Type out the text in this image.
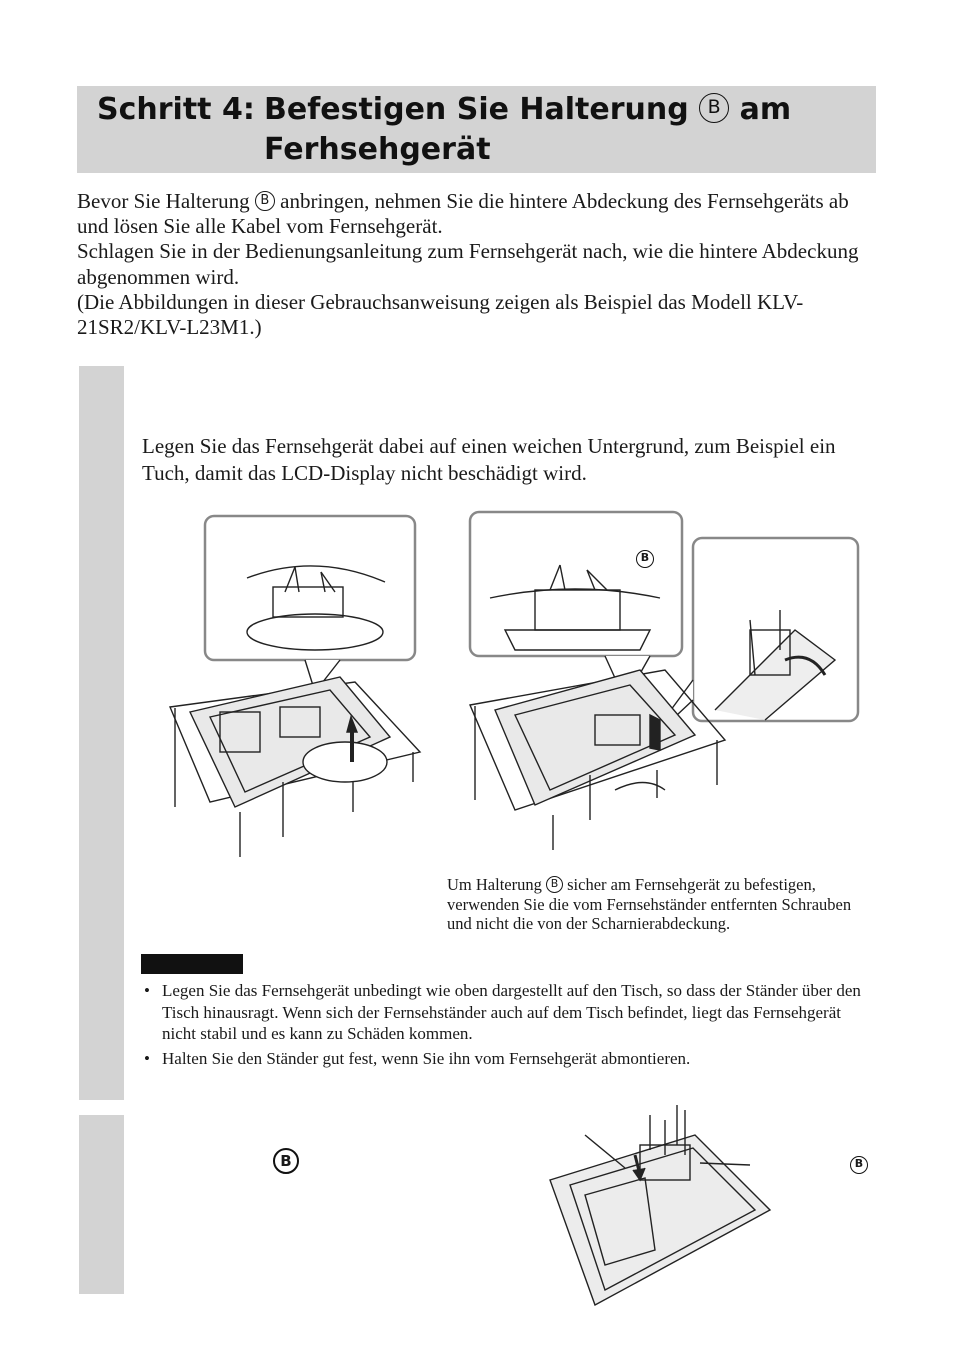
Schritt 4: Befestigen Sie Halterung B am Ferhsehgerät

Bevor Sie Halterung B anbringen, nehmen Sie die hintere Abdeckung des Fernsehgeräts ab und lösen Sie alle Kabel vom Fernsehgerät.

Schlagen Sie in der Bedienungsanleitung zum Fernsehgerät nach, wie die hintere Abdeckung abgenommen wird.

(Die Abbildungen in dieser Gebrauchsanweisung zeigen als Beispiel das Modell KLV-21SR2/KLV-L23M1.)

Legen Sie das Fernsehgerät dabei auf einen weichen Untergrund, zum Beispiel ein Tuch, damit das LCD-Display nicht beschädigt wird.

B
Um Halterung B sicher am Fernsehgerät zu befestigen, verwenden Sie die vom Fernsehständer entfernten Schrauben und nicht die von der Scharnierabdeckung.
• Legen Sie das Fernsehgerät unbedingt wie oben dargestellt auf den Tisch, so dass der Ständer über den Tisch hinausragt. Wenn sich der Fernsehständer auch auf dem Tisch befindet, liegt das Fernsehgerät nicht stabil und es kann zu Schäden kommen.
• Halten Sie den Ständer gut fest, wenn Sie ihn vom Fernsehgerät abmontieren.
B	B
